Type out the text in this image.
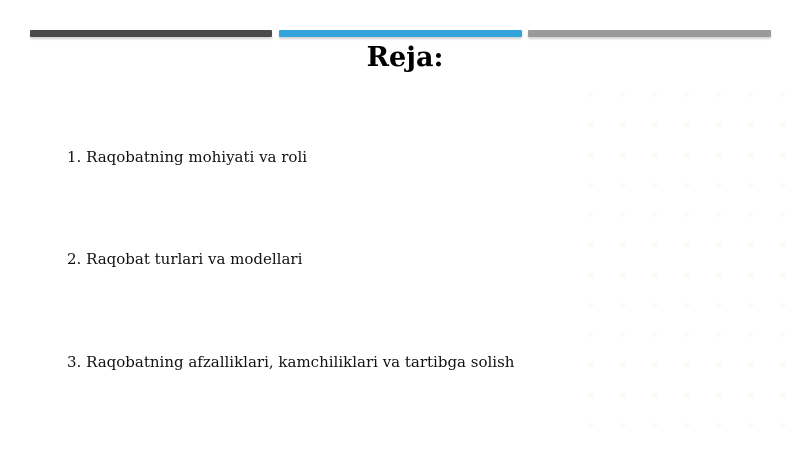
Reja:
1. Raqobatning mohiyati va roli
2. Raqobat turlari va modellari
3. Raqobatning afzalliklari, kamchiliklari va tartibga solish
